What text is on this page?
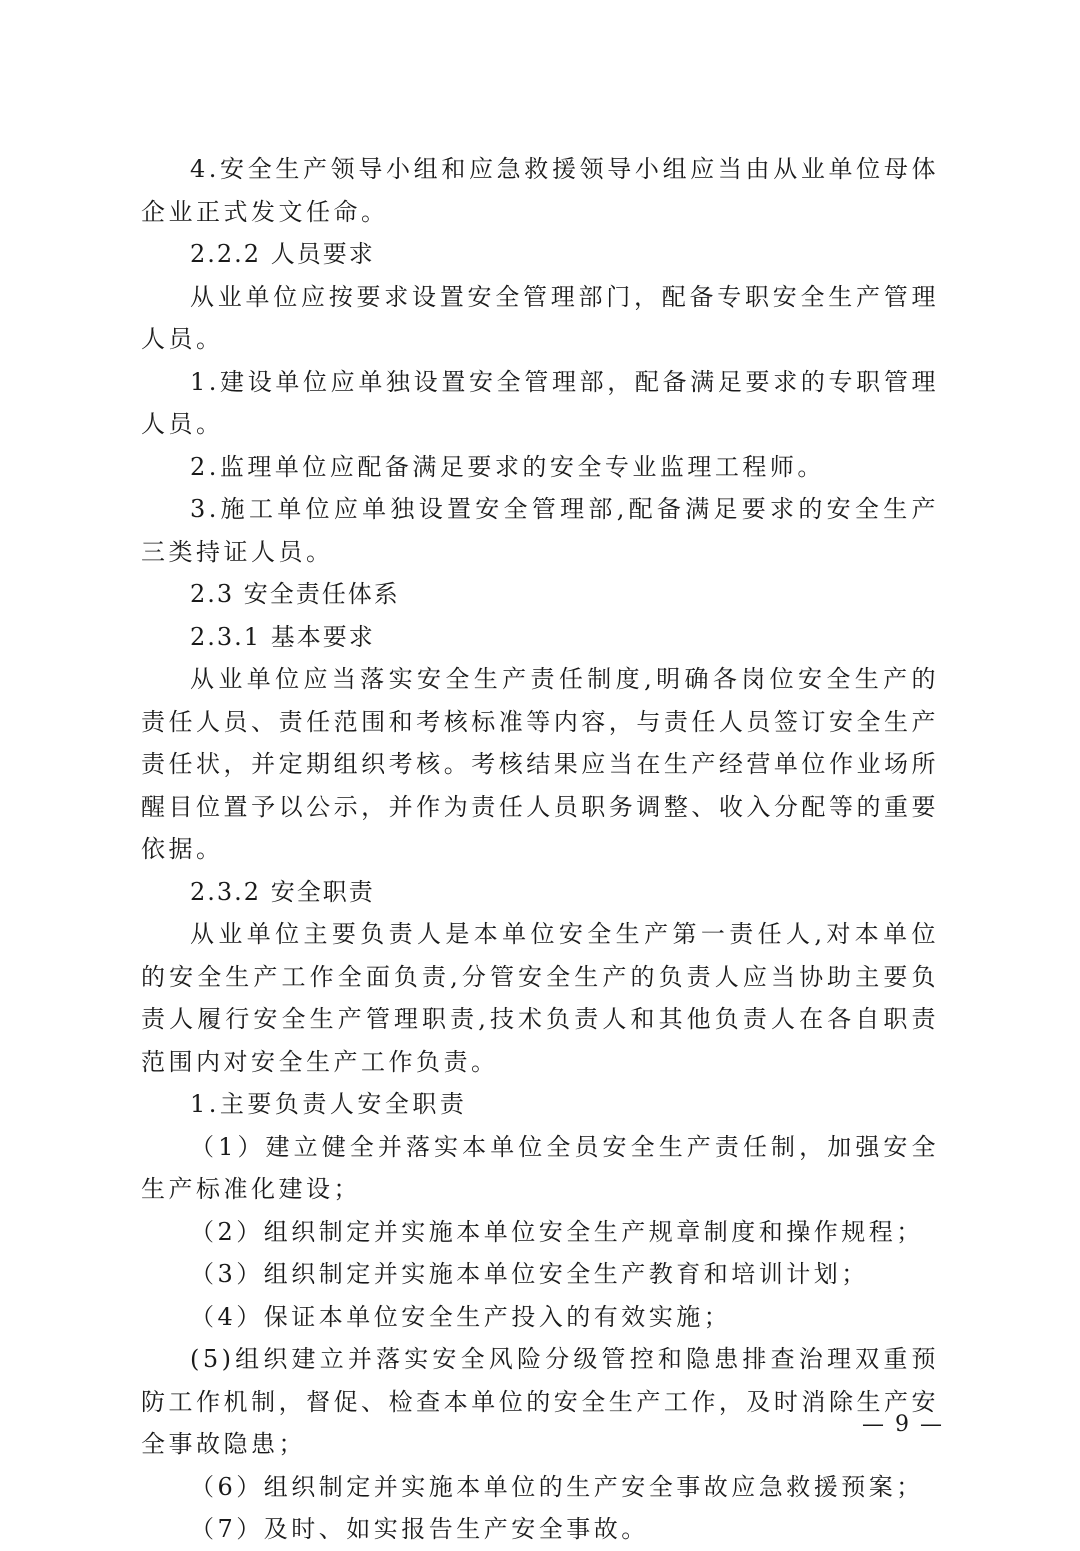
4.安全生产领导小组和应急救援领导小组应当由从业单位母体企业正式发文任命。

2.2.2 人员要求

从业单位应按要求设置安全管理部门，配备专职安全生产管理人员。

1.建设单位应单独设置安全管理部，配备满足要求的专职管理人员。

2.监理单位应配备满足要求的安全专业监理工程师。

3.施工单位应单独设置安全管理部,配备满足要求的安全生产三类持证人员。

2.3 安全责任体系

2.3.1 基本要求

从业单位应当落实安全生产责任制度,明确各岗位安全生产的责任人员、责任范围和考核标准等内容，与责任人员签订安全生产责任状，并定期组织考核。考核结果应当在生产经营单位作业场所醒目位置予以公示，并作为责任人员职务调整、收入分配等的重要依据。

2.3.2 安全职责

从业单位主要负责人是本单位安全生产第一责任人,对本单位的安全生产工作全面负责,分管安全生产的负责人应当协助主要负责人履行安全生产管理职责,技术负责人和其他负责人在各自职责范围内对安全生产工作负责。

1.主要负责人安全职责

（1）建立健全并落实本单位全员安全生产责任制，加强安全生产标准化建设；

（2）组织制定并实施本单位安全生产规章制度和操作规程；

（3）组织制定并实施本单位安全生产教育和培训计划；

（4）保证本单位安全生产投入的有效实施；

(5)组织建立并落实安全风险分级管控和隐患排查治理双重预防工作机制，督促、检查本单位的安全生产工作，及时消除生产安全事故隐患；

（6）组织制定并实施本单位的生产安全事故应急救援预案；

（7）及时、如实报告生产安全事故。

— 9 —
